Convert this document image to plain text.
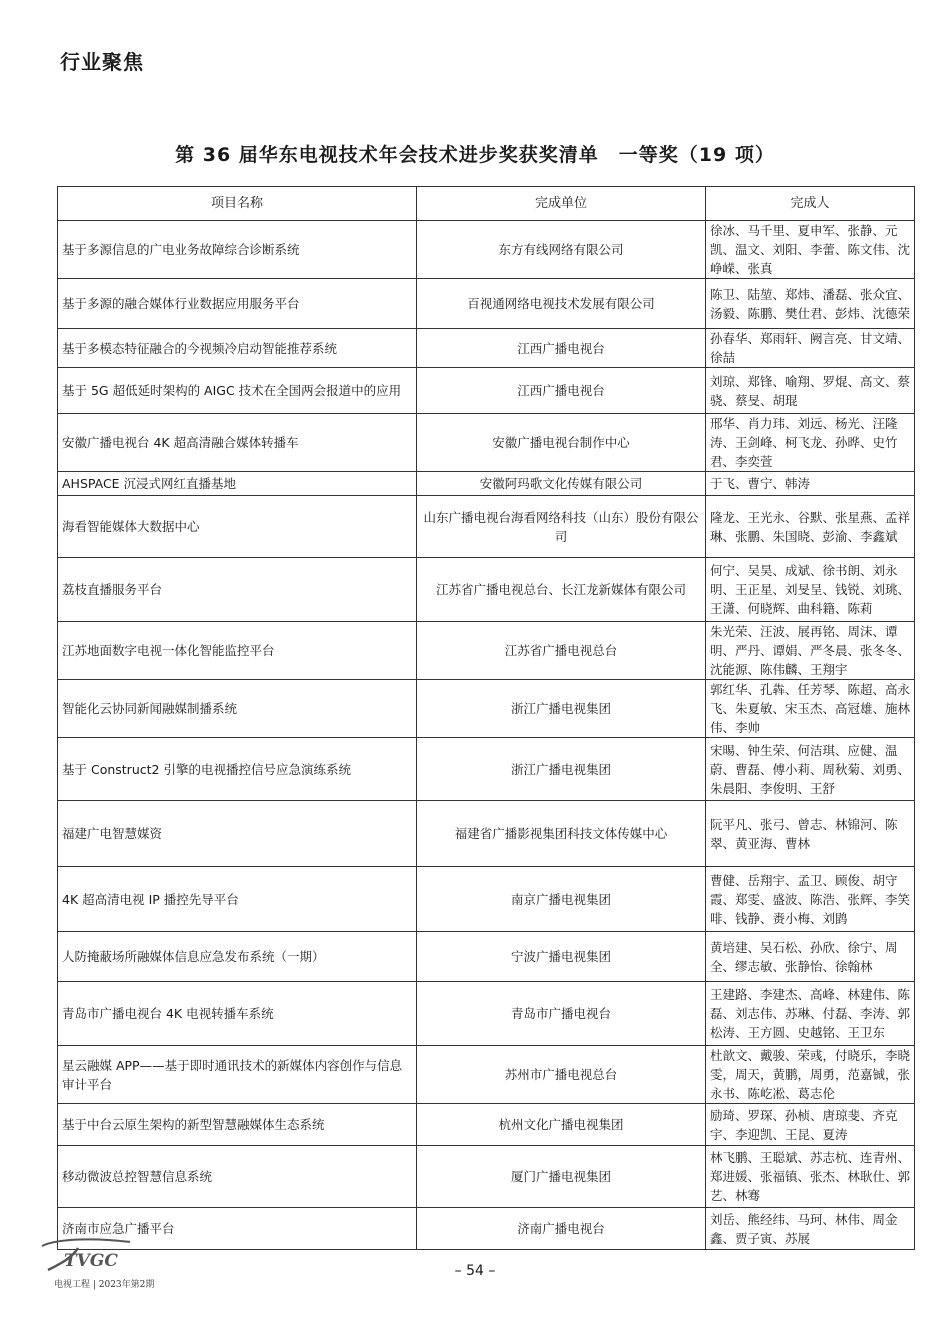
行业聚焦
第 36 届华东电视技术年会技术进步奖获奖清单　一等奖（19 项）
项目名称	完成单位	完成人
基于多源信息的广电业务故障综合诊断系统	东方有线网络有限公司	徐冰、马千里、夏申军、张静、元凯、温文、刘阳、李蕾、陈文伟、沈峥嵘、张真
基于多源的融合媒体行业数据应用服务平台	百视通网络电视技术发展有限公司	陈卫、陆堃、郑炜、潘磊、张众宜、汤毅、陈鹏、樊仕君、彭炜、沈德荣
基于多模态特征融合的今视频冷启动智能推荐系统	江西广播电视台	孙春华、郑雨轩、阙言亮、甘文靖、徐喆
基于 5G 超低延时架构的 AIGC 技术在全国两会报道中的应用	江西广播电视台	刘琼、郑锋、喻翔、罗焜、高文、蔡骁、蔡旻、胡琨
安徽广播电视台 4K 超高清融合媒体转播车	安徽广播电视台制作中心	邢华、肖力玮、刘远、杨光、汪隆涛、王剑峰、柯飞龙、孙晔、史竹君、李奕萱
AHSPACE 沉浸式网红直播基地	安徽阿玛歌文化传媒有限公司	于飞、曹宁、韩涛
海看智能媒体大数据中心	山东广播电视台海看网络科技（山东）股份有限公司	隆龙、王光永、谷默、张星燕、孟祥琳、张鹏、朱国晓、彭渝、李鑫斌
荔枝直播服务平台	江苏省广播电视总台、长江龙新媒体有限公司	何宁、吴昊、成斌、徐书朗、刘永明、王正星、刘旻呈、钱锐、刘珧、王潇、何晓辉、曲科籍、陈莉
江苏地面数字电视一体化智能监控平台	江苏省广播电视总台	朱光荣、汪波、展再铭、周沫、谭明、严丹、谭娟、严冬晨、张冬冬、沈能源、陈伟麟、王翔宇
智能化云协同新闻融媒制播系统	浙江广播电视集团	郭红华、孔犇、任芳琴、陈超、高永飞、朱夏敏、宋玉杰、高冠雄、施林伟、李帅
基于 Construct2 引擎的电视播控信号应急演练系统	浙江广播电视集团	宋晹、钟生荣、何洁琪、应健、温蔚、曹磊、傅小莉、周秋菊、刘勇、朱晨阳、李俊明、王舒
福建广电智慧媒资	福建省广播影视集团科技文体传媒中心	阮平凡、张弓、曾志、林锦河、陈翠、黄亚海、曹林
4K 超高清电视 IP 播控先导平台	南京广播电视集团	曹健、岳翔宇、孟卫、顾俊、胡守霞、郑雯、盛波、陈浩、张辉、李笑啡、钱静、赉小梅、刘鹍
人防掩蔽场所融媒体信息应急发布系统（一期）	宁波广播电视集团	黄培建、吴石松、孙欣、徐宁、周全、缪志敏、张静怡、徐翰林
青岛市广播电视台 4K 电视转播车系统	青岛市广播电视台	王建路、李建杰、高峰、林建伟、陈磊、刘志伟、苏琳、付磊、李涛、郭松涛、王方圆、史越铭、王卫东
星云融媒 APP——基于即时通讯技术的新媒体内容创作与信息审计平台	苏州市广播电视总台	杜歆文、戴骏、荣彧，付晓乐，李晓雯，周天，黄鹏，周勇，范嘉铖，张永书、陈屹凇、葛志伦
基于中台云原生架构的新型智慧融媒体生态系统	杭州文化广播电视集团	励琦、罗琛、孙桢、唐琼斐、齐克宇、李迎凯、王昆、夏涛
移动微波总控智慧信息系统	厦门广播电视集团	林飞鹏、王聪斌、苏志杭、连青州、郑进媛、张福镇、张杰、林耿仕、郭艺、林骞
济南市应急广播平台	济南广播电视台	刘岳、熊经纬、马珂、林伟、周金鑫、贾子寅、苏展
TVGC
电视工程 | 2023年第2期
– 54 –
